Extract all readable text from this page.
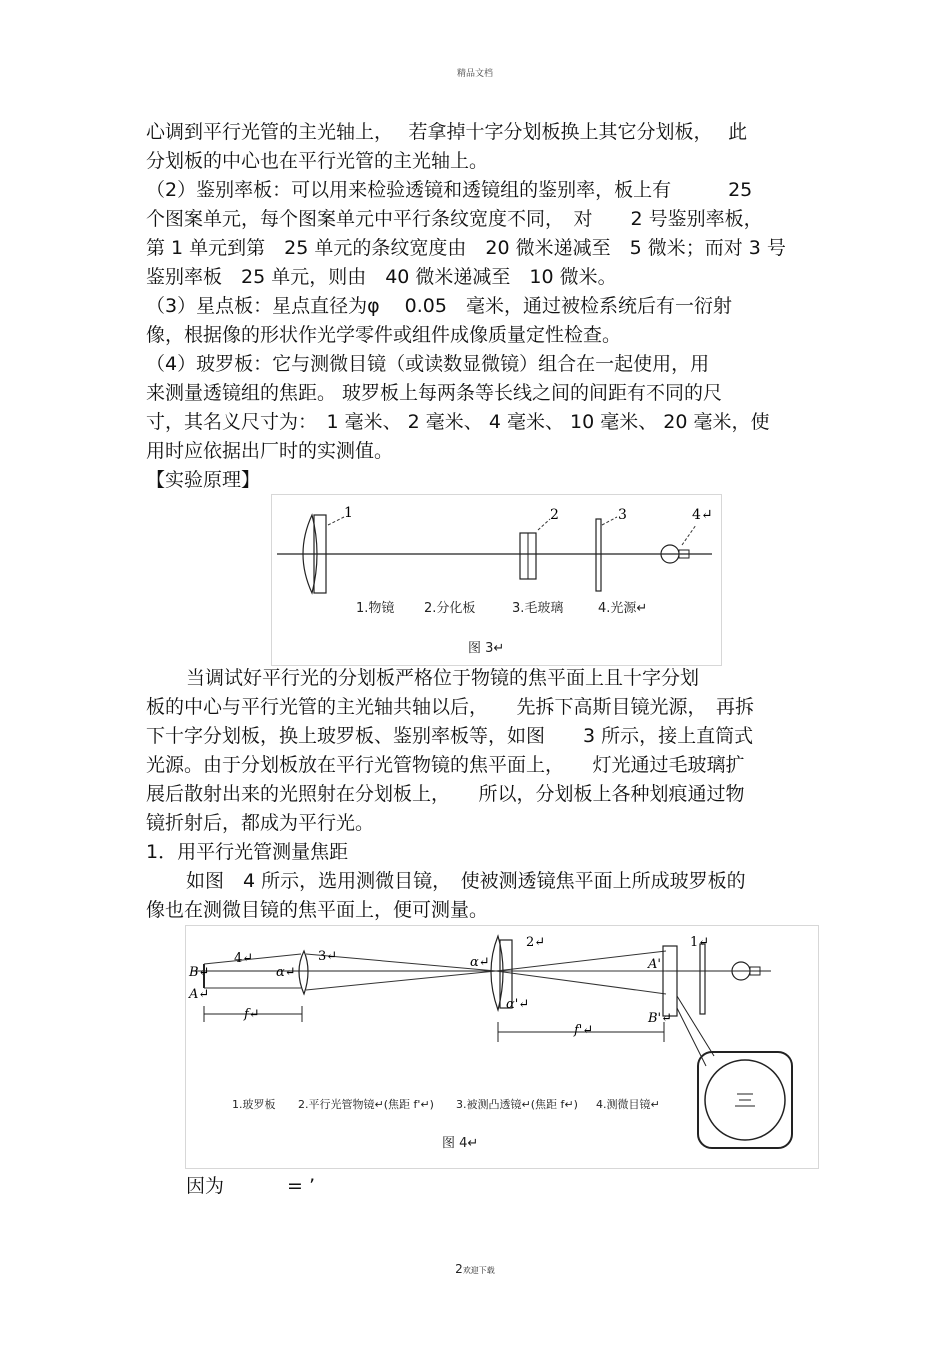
精品文档
心调到平行光管的主光轴上，　 若拿掉十字分划板换上其它分划板，　 此
分划板的中心也在平行光管的主光轴上。
（2）鉴别率板：可以用来检验透镜和透镜组的鉴别率，板上有　　　25
个图案单元，每个图案单元中平行条纹宽度不同，　对　　2 号鉴别率板，
第 1 单元到第　25 单元的条纹宽度由　20 微米递减至　5 微米；而对 3 号
鉴别率板　25 单元，则由　40 微米递减至　10 微米。
（3）星点板：星点直径为φ　 0.05　毫米，通过被检系统后有一衍射
像，根据像的形状作光学零件或组件成像质量定性检查。
（4）玻罗板：它与测微目镜（或读数显微镜）组合在一起使用，用
来测量透镜组的焦距。 玻罗板上每两条等长线之间的间距有不同的尺
寸，其名义尺寸为：　1 毫米、 2 毫米、 4 毫米、 10 毫米、 20 毫米，使
用时应依据出厂时的实测值。
【实验原理】
1	2	3	4↵
1.物镜 2.分化板	3.毛玻璃	4.光源↵
图 3↵
当调试好平行光的分划板严格位于物镜的焦平面上且十字分划
板的中心与平行光管的主光轴共轴以后，　　先拆下高斯目镜光源，　再拆
下十字分划板，换上玻罗板、鉴别率板等，如图　　3 所示，接上直筒式
光源。由于分划板放在平行光管物镜的焦平面上，　　灯光通过毛玻璃扩
展后散射出来的光照射在分划板上，　　所以，分划板上各种划痕通过物
镜折射后，都成为平行光。
1．用平行光管测量焦距
如图　4 所示，选用测微目镜，　使被测透镜焦平面上所成玻罗板的
像也在测微目镜的焦平面上，便可测量。
B↵
A↵
4↵
α↵
3↵	α↵
2↵
α'↵
1↵
A'
B'↵
f↵
f'↵
1.玻罗板 2.平行光管物镜↵(焦距 f'↵) 3.被测凸透镜↵(焦距 f↵) 4.测微目镜↵
图 4↵
因为　　　 = ’
2欢迎下载
